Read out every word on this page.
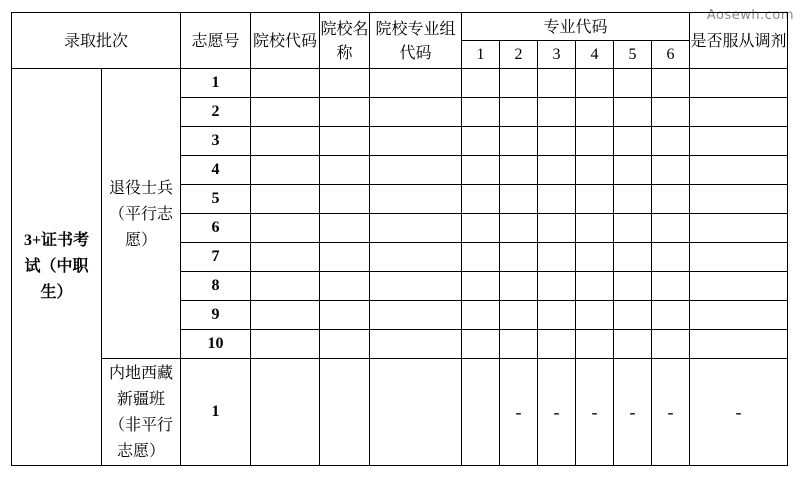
Aosewh.com
录取批次		志愿号	院校代码	院校名称	院校专业组代码	专业代码						是否服从调剂
						1	2	3	4	5	6	
3+证书考试（中职生）	退役士兵（平行志愿）	1										
		2										
		3										
		4										
		5										
		6										
		7										
		8										
		9										
		10										
	内地西藏新疆班（非平行志愿）	1					-	-	-	-	-	-
